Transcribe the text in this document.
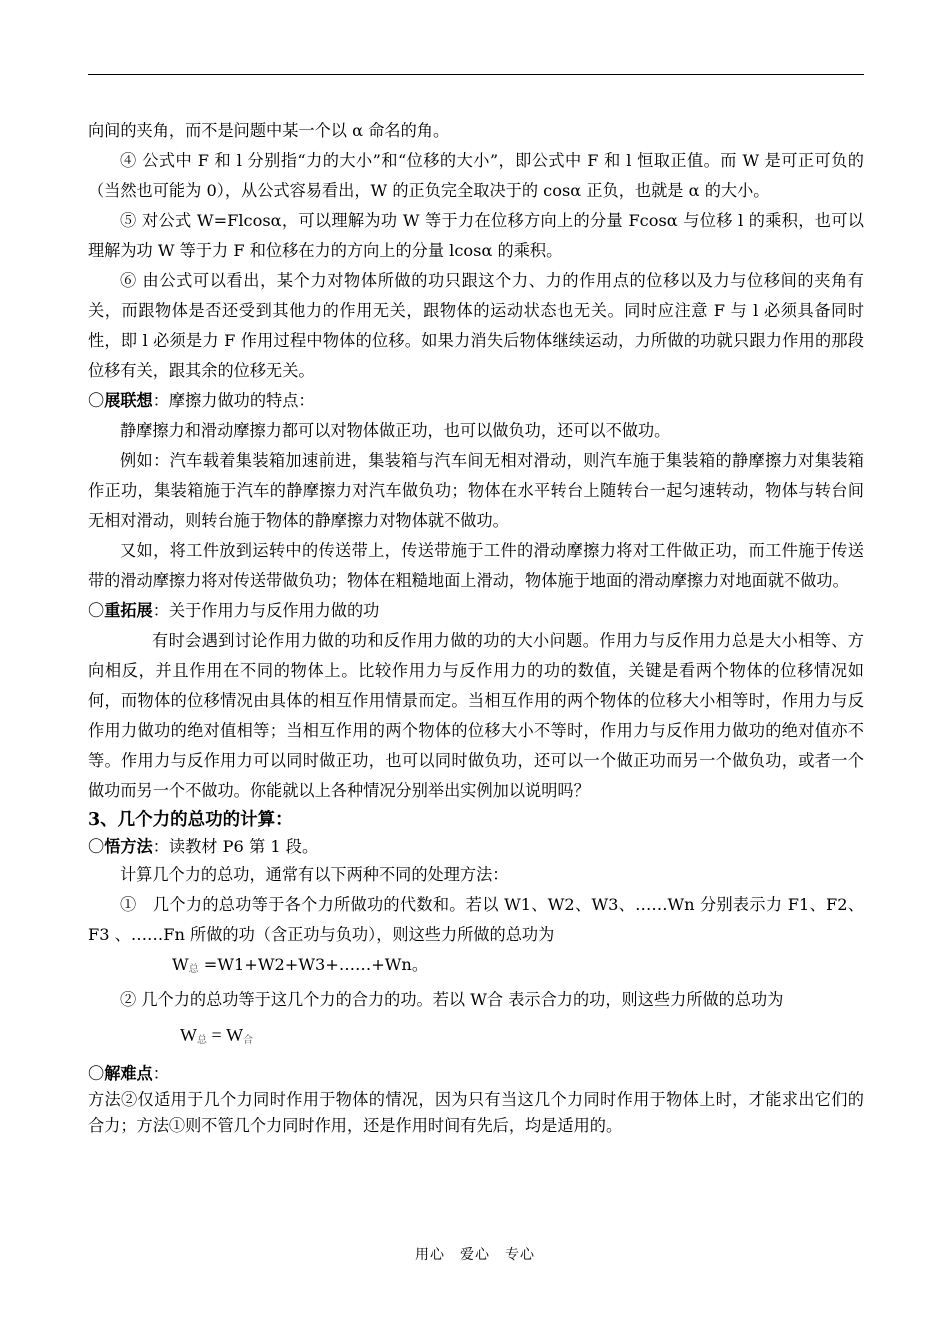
向间的夹角，而不是问题中某一个以 α 命名的角。

④ 公式中 F 和 l 分别指“力的大小”和“位移的大小”，即公式中 F 和 l 恒取正值。而 W 是可正可负的（当然也可能为 0），从公式容易看出，W 的正负完全取决于的 cosα 正负，也就是 α 的大小。

⑤ 对公式 W=Flcosα，可以理解为功 W 等于力在位移方向上的分量 Fcosα 与位移 l 的乘积，也可以理解为功 W 等于力 F 和位移在力的方向上的分量 lcosα 的乘积。

⑥ 由公式可以看出，某个力对物体所做的功只跟这个力、力的作用点的位移以及力与位移间的夹角有关，而跟物体是否还受到其他力的作用无关，跟物体的运动状态也无关。同时应注意 F 与 l 必须具备同时性，即 l 必须是力 F 作用过程中物体的位移。如果力消失后物体继续运动，力所做的功就只跟力作用的那段位移有关，跟其余的位移无关。

〇展联想：摩擦力做功的特点：

静摩擦力和滑动摩擦力都可以对物体做正功，也可以做负功，还可以不做功。

例如：汽车载着集装箱加速前进，集装箱与汽车间无相对滑动，则汽车施于集装箱的静摩擦力对集装箱作正功，集装箱施于汽车的静摩擦力对汽车做负功；物体在水平转台上随转台一起匀速转动，物体与转台间无相对滑动，则转台施于物体的静摩擦力对物体就不做功。

又如，将工件放到运转中的传送带上，传送带施于工件的滑动摩擦力将对工件做正功，而工件施于传送带的滑动摩擦力将对传送带做负功；物体在粗糙地面上滑动，物体施于地面的滑动摩擦力对地面就不做功。

〇重拓展：关于作用力与反作用力做的功

有时会遇到讨论作用力做的功和反作用力做的功的大小问题。作用力与反作用力总是大小相等、方向相反，并且作用在不同的物体上。比较作用力与反作用力的功的数值，关键是看两个物体的位移情况如何，而物体的位移情况由具体的相互作用情景而定。当相互作用的两个物体的位移大小相等时，作用力与反作用力做功的绝对值相等；当相互作用的两个物体的位移大小不等时，作用力与反作用力做功的绝对值亦不等。作用力与反作用力可以同时做正功，也可以同时做负功，还可以一个做正功而另一个做负功，或者一个做功而另一个不做功。你能就以上各种情况分别举出实例加以说明吗？

3、几个力的总功的计算：

〇悟方法：读教材 P6 第 1 段。

计算几个力的总功，通常有以下两种不同的处理方法：

①　几个力的总功等于各个力所做功的代数和。若以 W1、W2、W3、……Wn 分别表示力 F1、F2、F3 、……Fn 所做的功（含正功与负功），则这些力所做的总功为

$W_总$ =W1+W2+W3+……+Wn。

② 几个力的总功等于这几个力的合力的功。若以 W合 表示合力的功，则这些力所做的总功为

$W_总 = W_合$

〇解难点：

方法②仅适用于几个力同时作用于物体的情况，因为只有当这几个力同时作用于物体上时，才能求出它们的合力；方法①则不管几个力同时作用，还是作用时间有先后，均是适用的。

用心　爱心　专心
